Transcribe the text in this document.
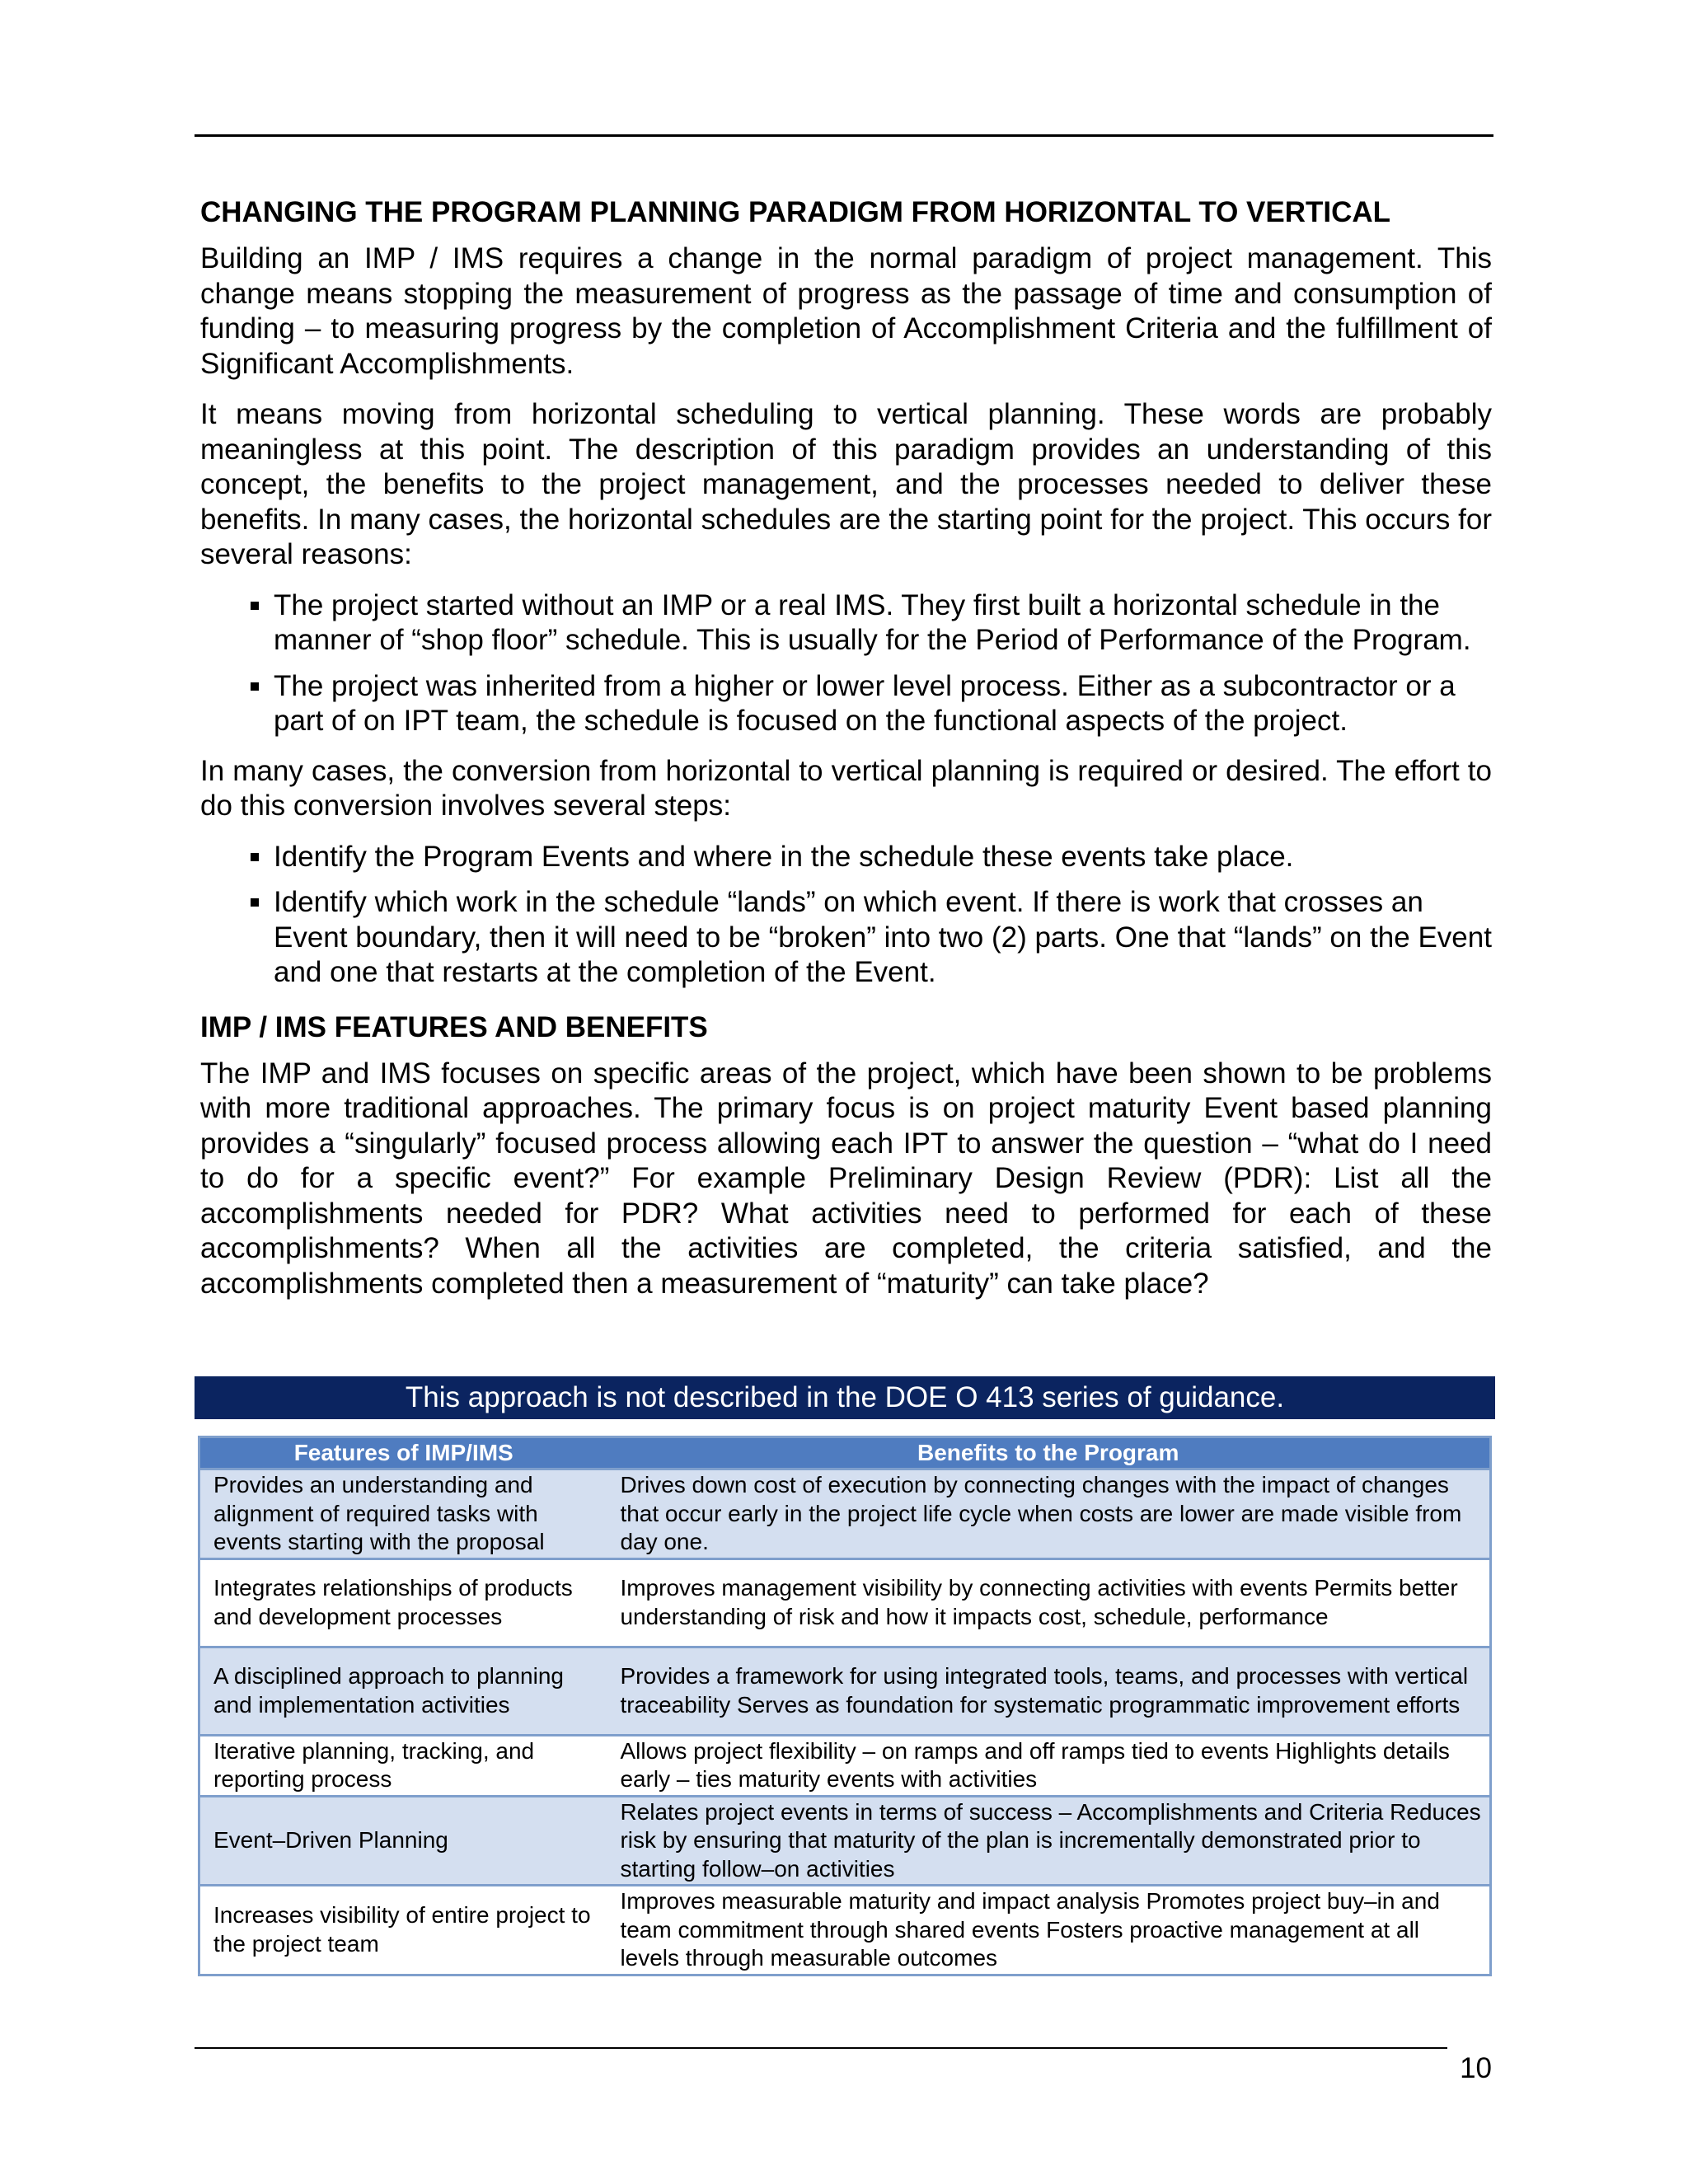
CHANGING THE PROGRAM PLANNING PARADIGM FROM HORIZONTAL TO VERTICAL

Building an IMP / IMS requires a change in the normal paradigm of project management. This change means stopping the measurement of progress as the passage of time and consumption of funding – to measuring progress by the completion of Accomplishment Criteria and the fulfillment of Significant Accomplishments.

It means moving from horizontal scheduling to vertical planning. These words are probably meaningless at this point. The description of this paradigm provides an understanding of this concept, the benefits to the project management, and the processes needed to deliver these benefits. In many cases, the horizontal schedules are the starting point for the project. This occurs for several reasons:

The project started without an IMP or a real IMS. They first built a horizontal schedule in the manner of “shop floor” schedule. This is usually for the Period of Performance of the Program.
The project was inherited from a higher or lower level process. Either as a subcontractor or a part of on IPT team, the schedule is focused on the functional aspects of the project.

In many cases, the conversion from horizontal to vertical planning is required or desired. The effort to do this conversion involves several steps:

Identify the Program Events and where in the schedule these events take place.
Identify which work in the schedule “lands” on which event. If there is work that crosses an Event boundary, then it will need to be “broken” into two (2) parts. One that “lands” on the Event and one that restarts at the completion of the Event.
IMP / IMS FEATURES AND BENEFITS

The IMP and IMS focuses on specific areas of the project, which have been shown to be problems with more traditional approaches. The primary focus is on project maturity Event based planning provides a “singularly” focused process allowing each IPT to answer the question – “what do I need to do for a specific event?” For example Preliminary Design Review (PDR): List all the accomplishments needed for PDR? What activities need to performed for each of these accomplishments? When all the activities are completed, the criteria satisfied, and the accomplishments completed then a measurement of “maturity” can take place?

This approach is not described in the DOE O 413 series of guidance.
Features of IMP/IMS	Benefits to the Program
Provides an understanding and alignment of required tasks with events starting with the proposal	Drives down cost of execution by connecting changes with the impact of changes that occur early in the project life cycle when costs are lower are made visible from day one.
Integrates relationships of products and development processes	Improves management visibility by connecting activities with events Permits better understanding of risk and how it impacts cost, schedule, performance
A disciplined approach to planning and implementation activities	Provides a framework for using integrated tools, teams, and processes with vertical traceability Serves as foundation for systematic programmatic improvement efforts
Iterative planning, tracking, and reporting process	Allows project flexibility – on ramps and off ramps tied to events Highlights details early – ties maturity events with activities
Event–Driven Planning	Relates project events in terms of success – Accomplishments and Criteria Reduces risk by ensuring that maturity of the plan is incrementally demonstrated prior to starting follow–on activities
Increases visibility of entire project to the project team	Improves measurable maturity and impact analysis Promotes project buy–in and team commitment through shared events Fosters proactive management at all levels through measurable outcomes
10
